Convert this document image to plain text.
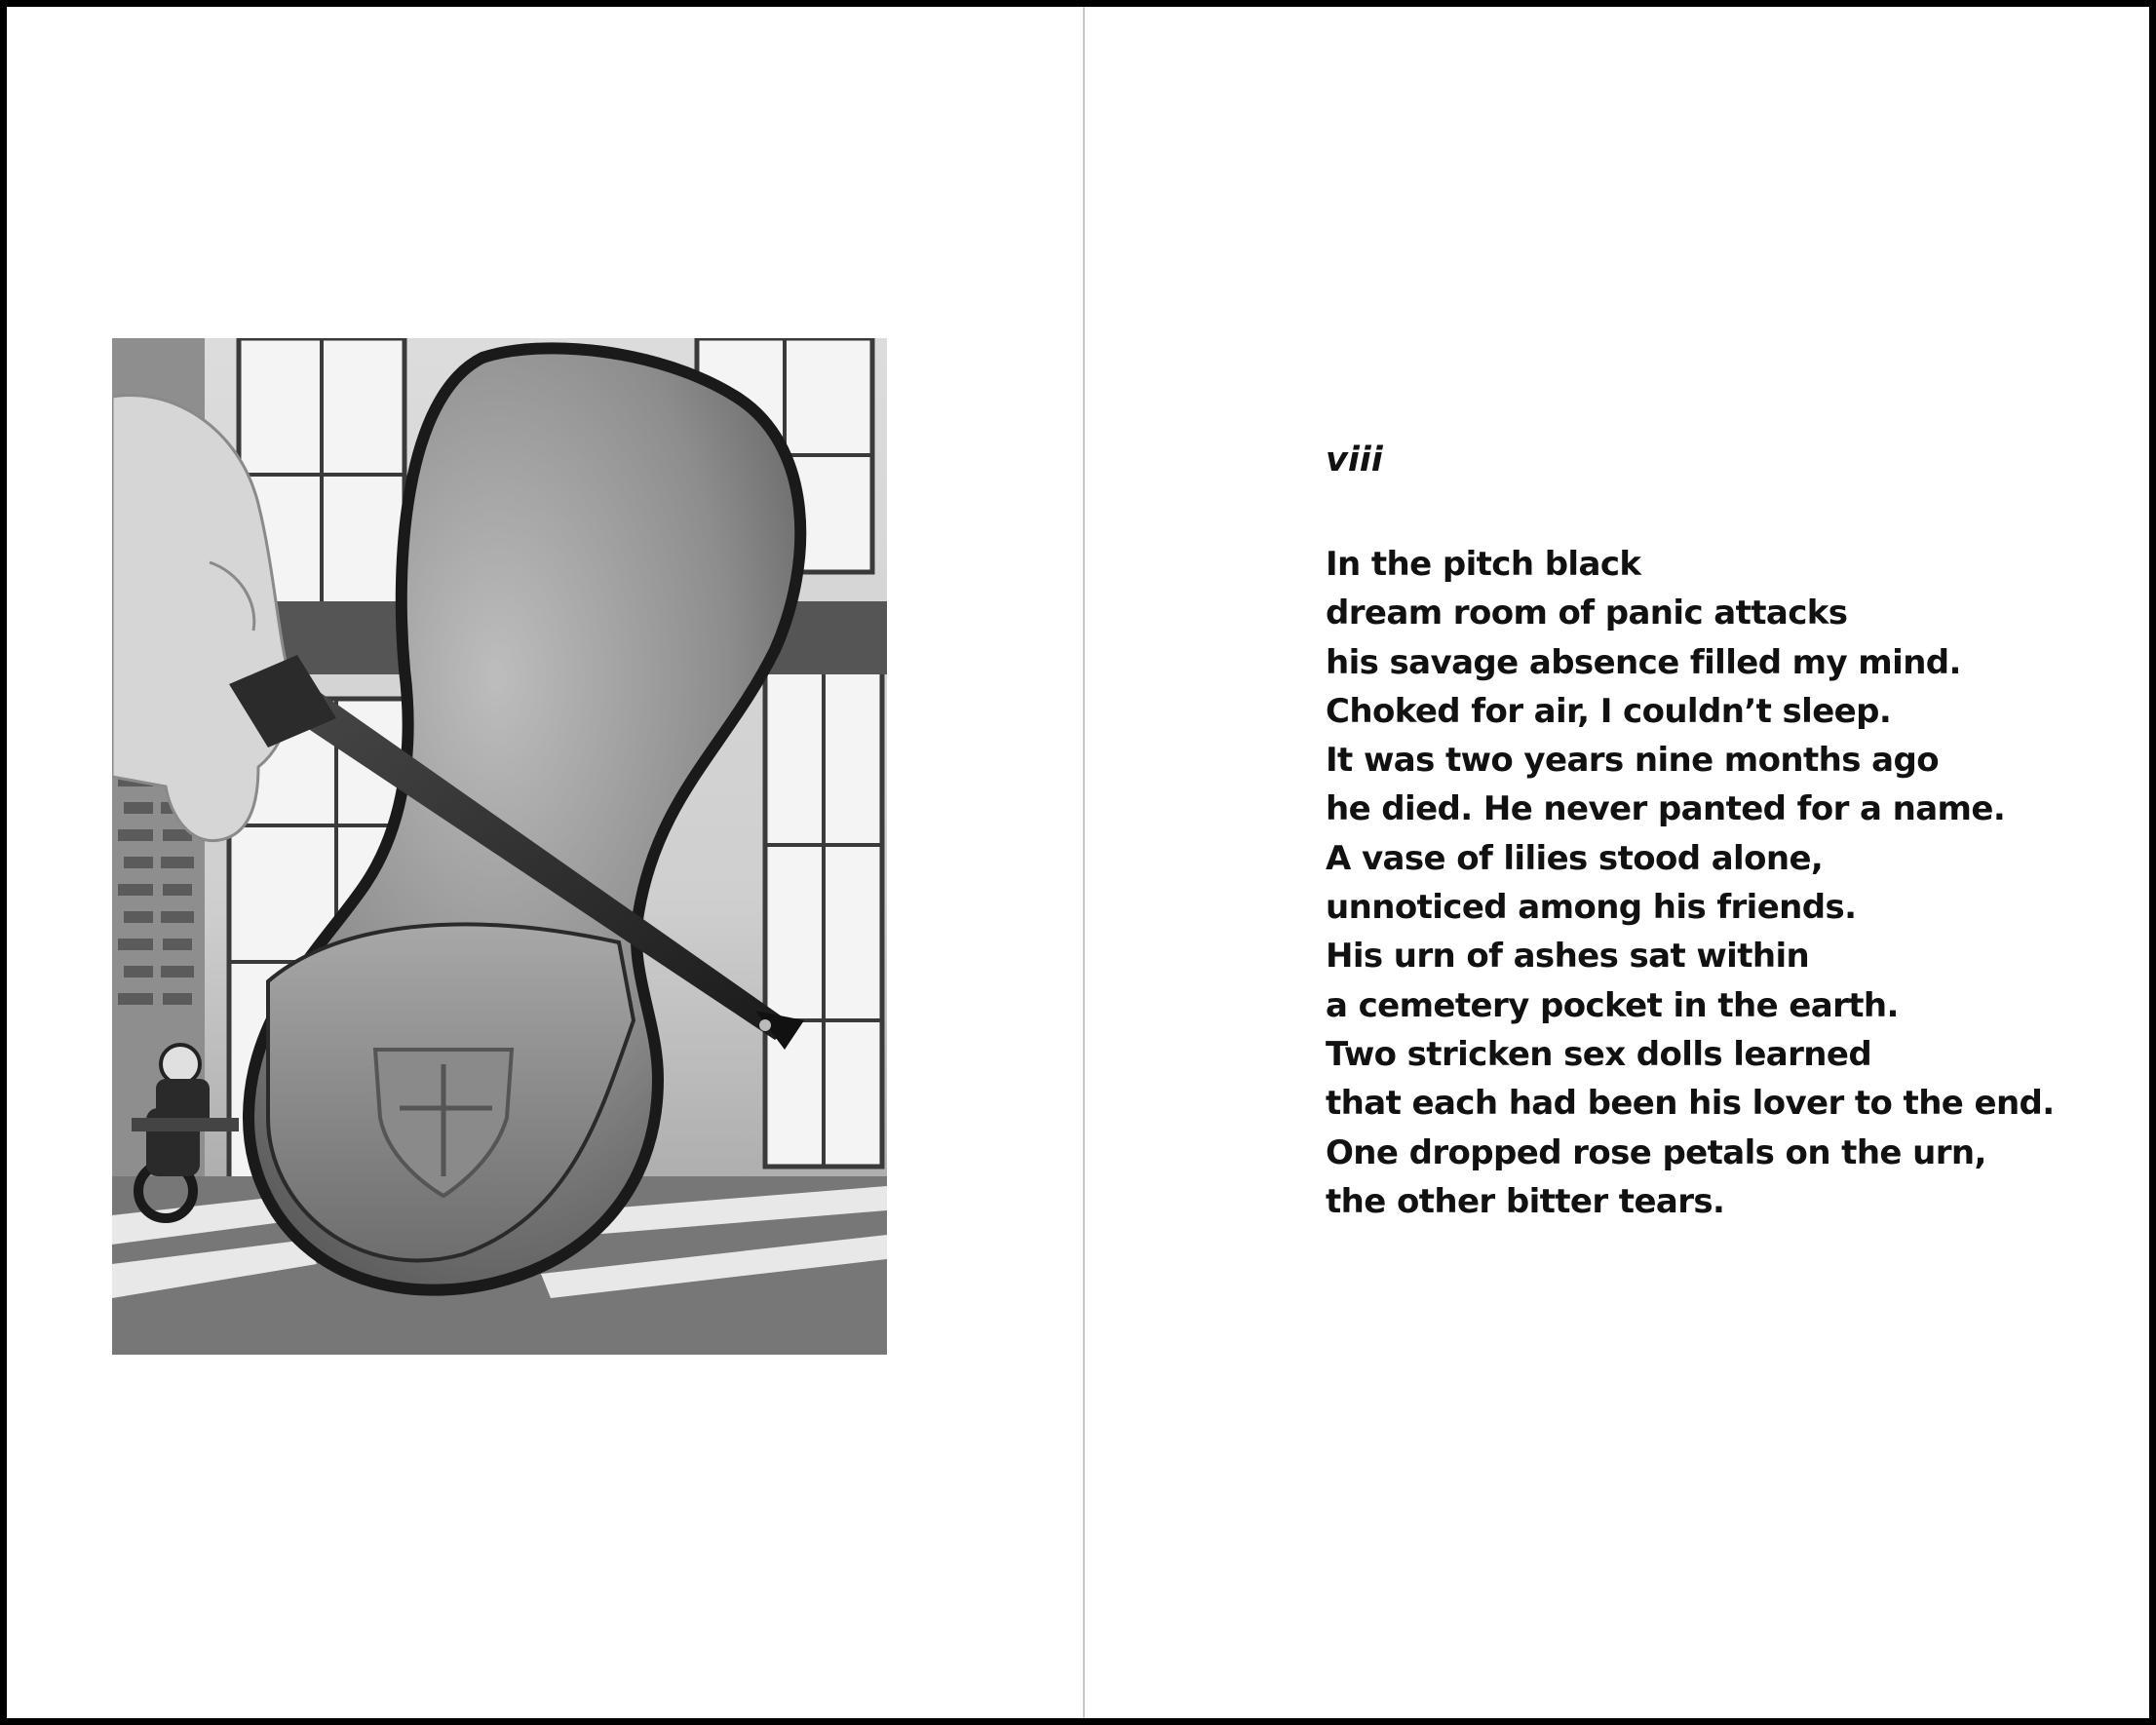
viii
In the pitch black
dream room of panic attacks
his savage absence filled my mind.
Choked for air, I couldn’t sleep.
It was two years nine months ago
he died. He never panted for a name.
A vase of lilies stood alone,
unnoticed among his friends.
His urn of ashes sat within
a cemetery pocket in the earth.
Two stricken sex dolls learned
that each had been his lover to the end.
One dropped rose petals on the urn,
the other bitter tears.
